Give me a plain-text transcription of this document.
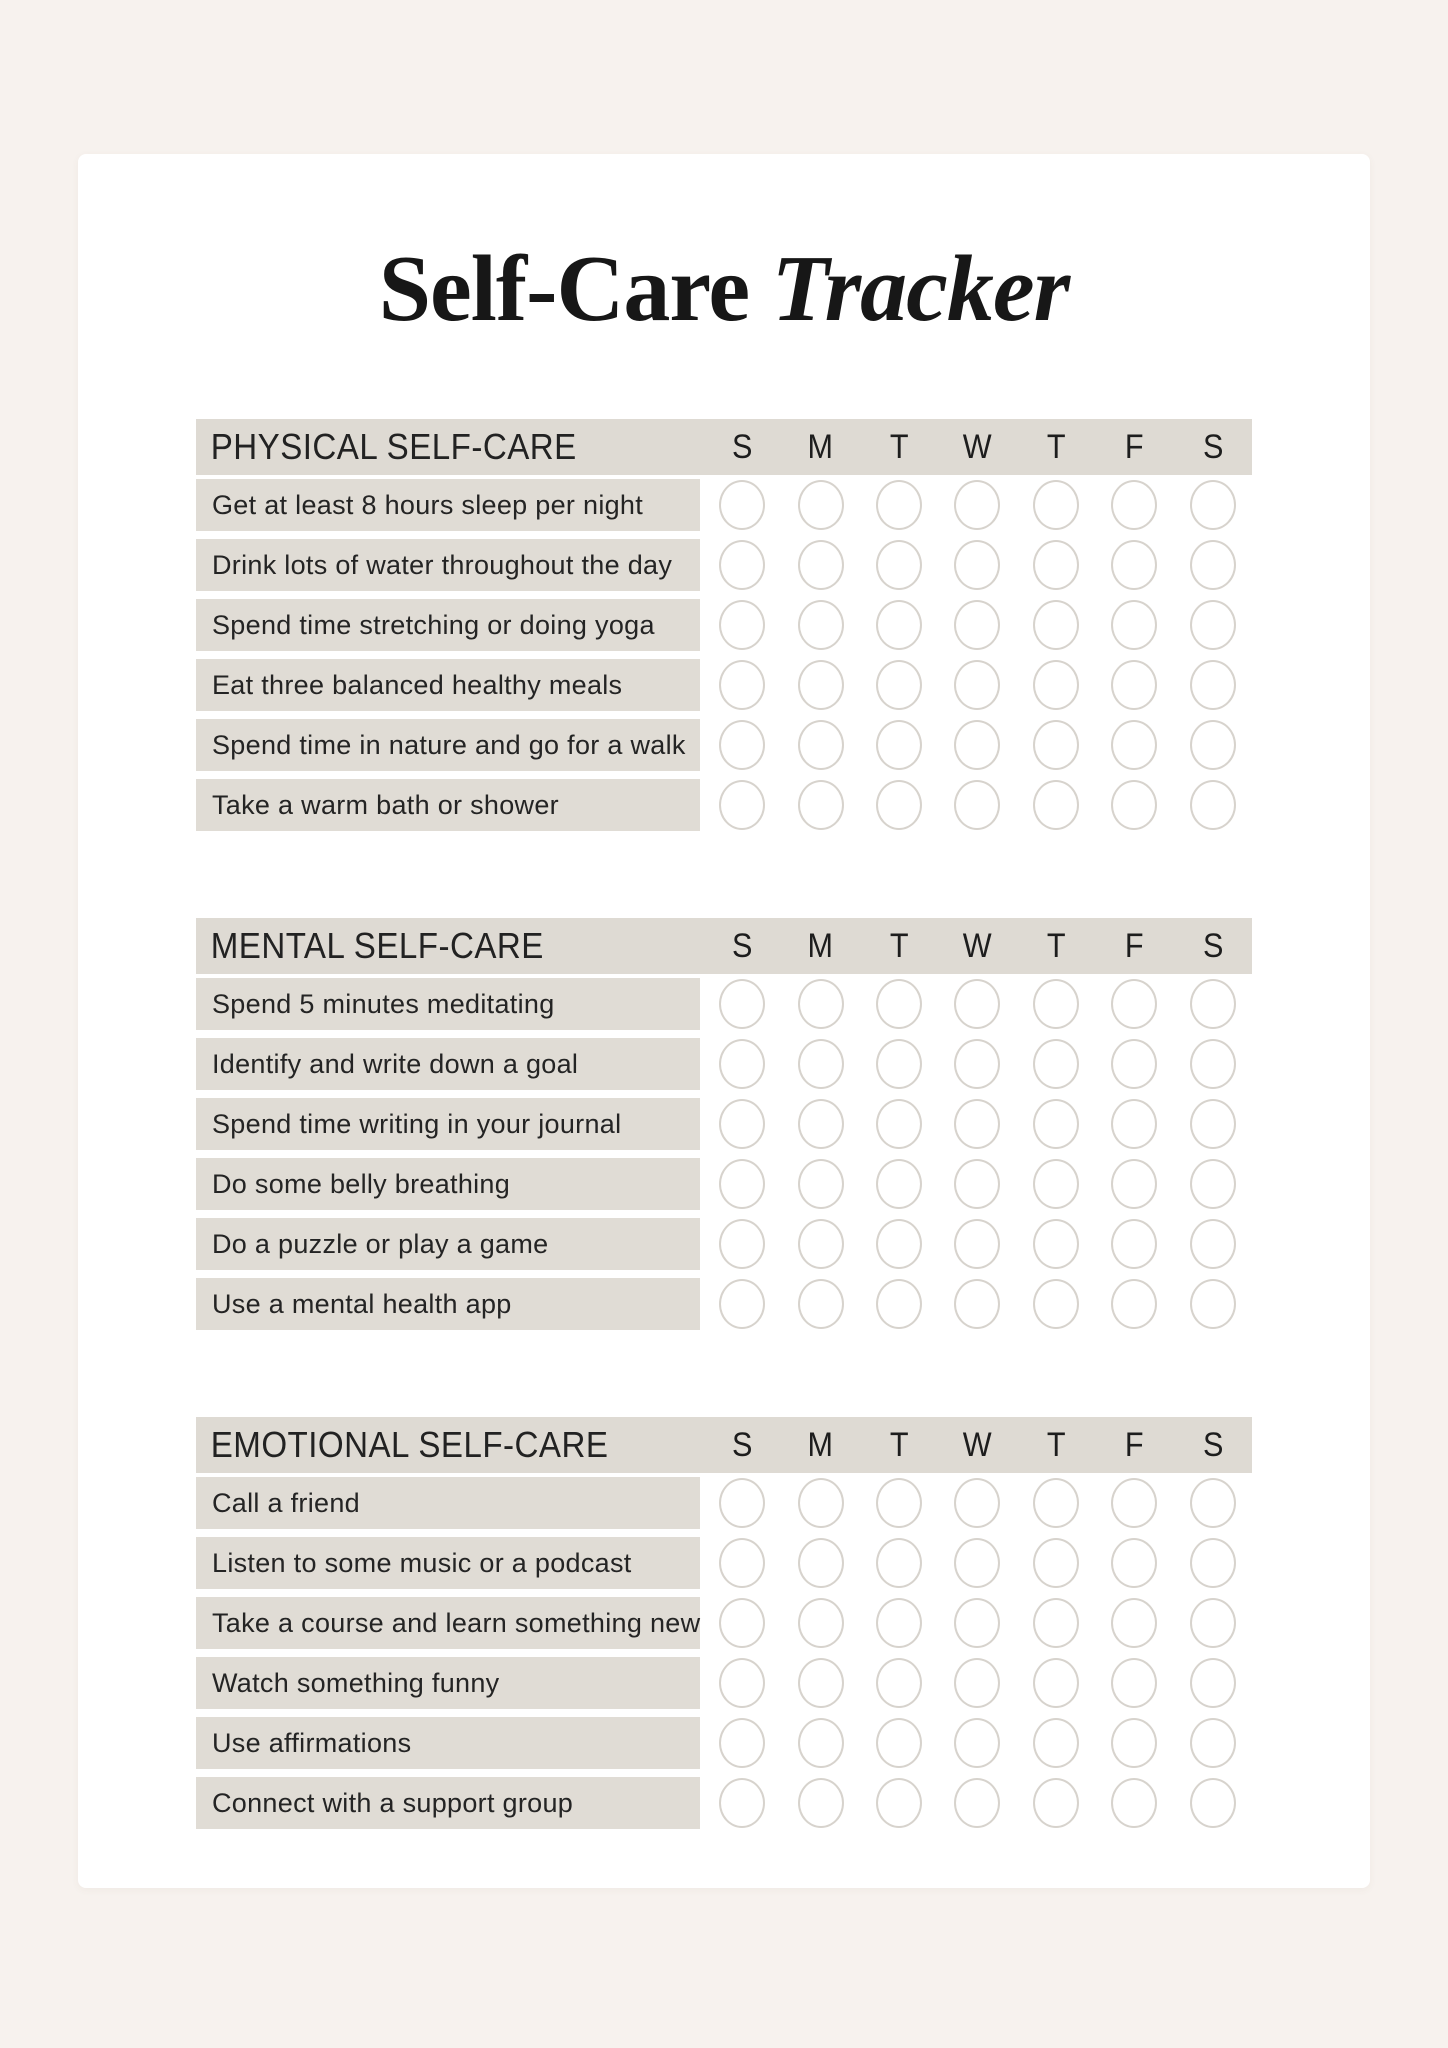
Self-Care Tracker
PHYSICAL SELF-CARE	S	M	T	W	T	F	S
Get at least 8 hours sleep per night
Drink lots of water throughout the day
Spend time stretching or doing yoga
Eat three balanced healthy meals
Spend time in nature and go for a walk
Take a warm bath or shower
MENTAL SELF-CARE	S	M	T	W	T	F	S
Spend 5 minutes meditating
Identify and write down a goal
Spend time writing in your journal
Do some belly breathing
Do a puzzle or play a game
Use a mental health app
EMOTIONAL SELF-CARE	S	M	T	W	T	F	S
Call a friend
Listen to some music or a podcast
Take a course and learn something new
Watch something funny
Use affirmations
Connect with a support group
